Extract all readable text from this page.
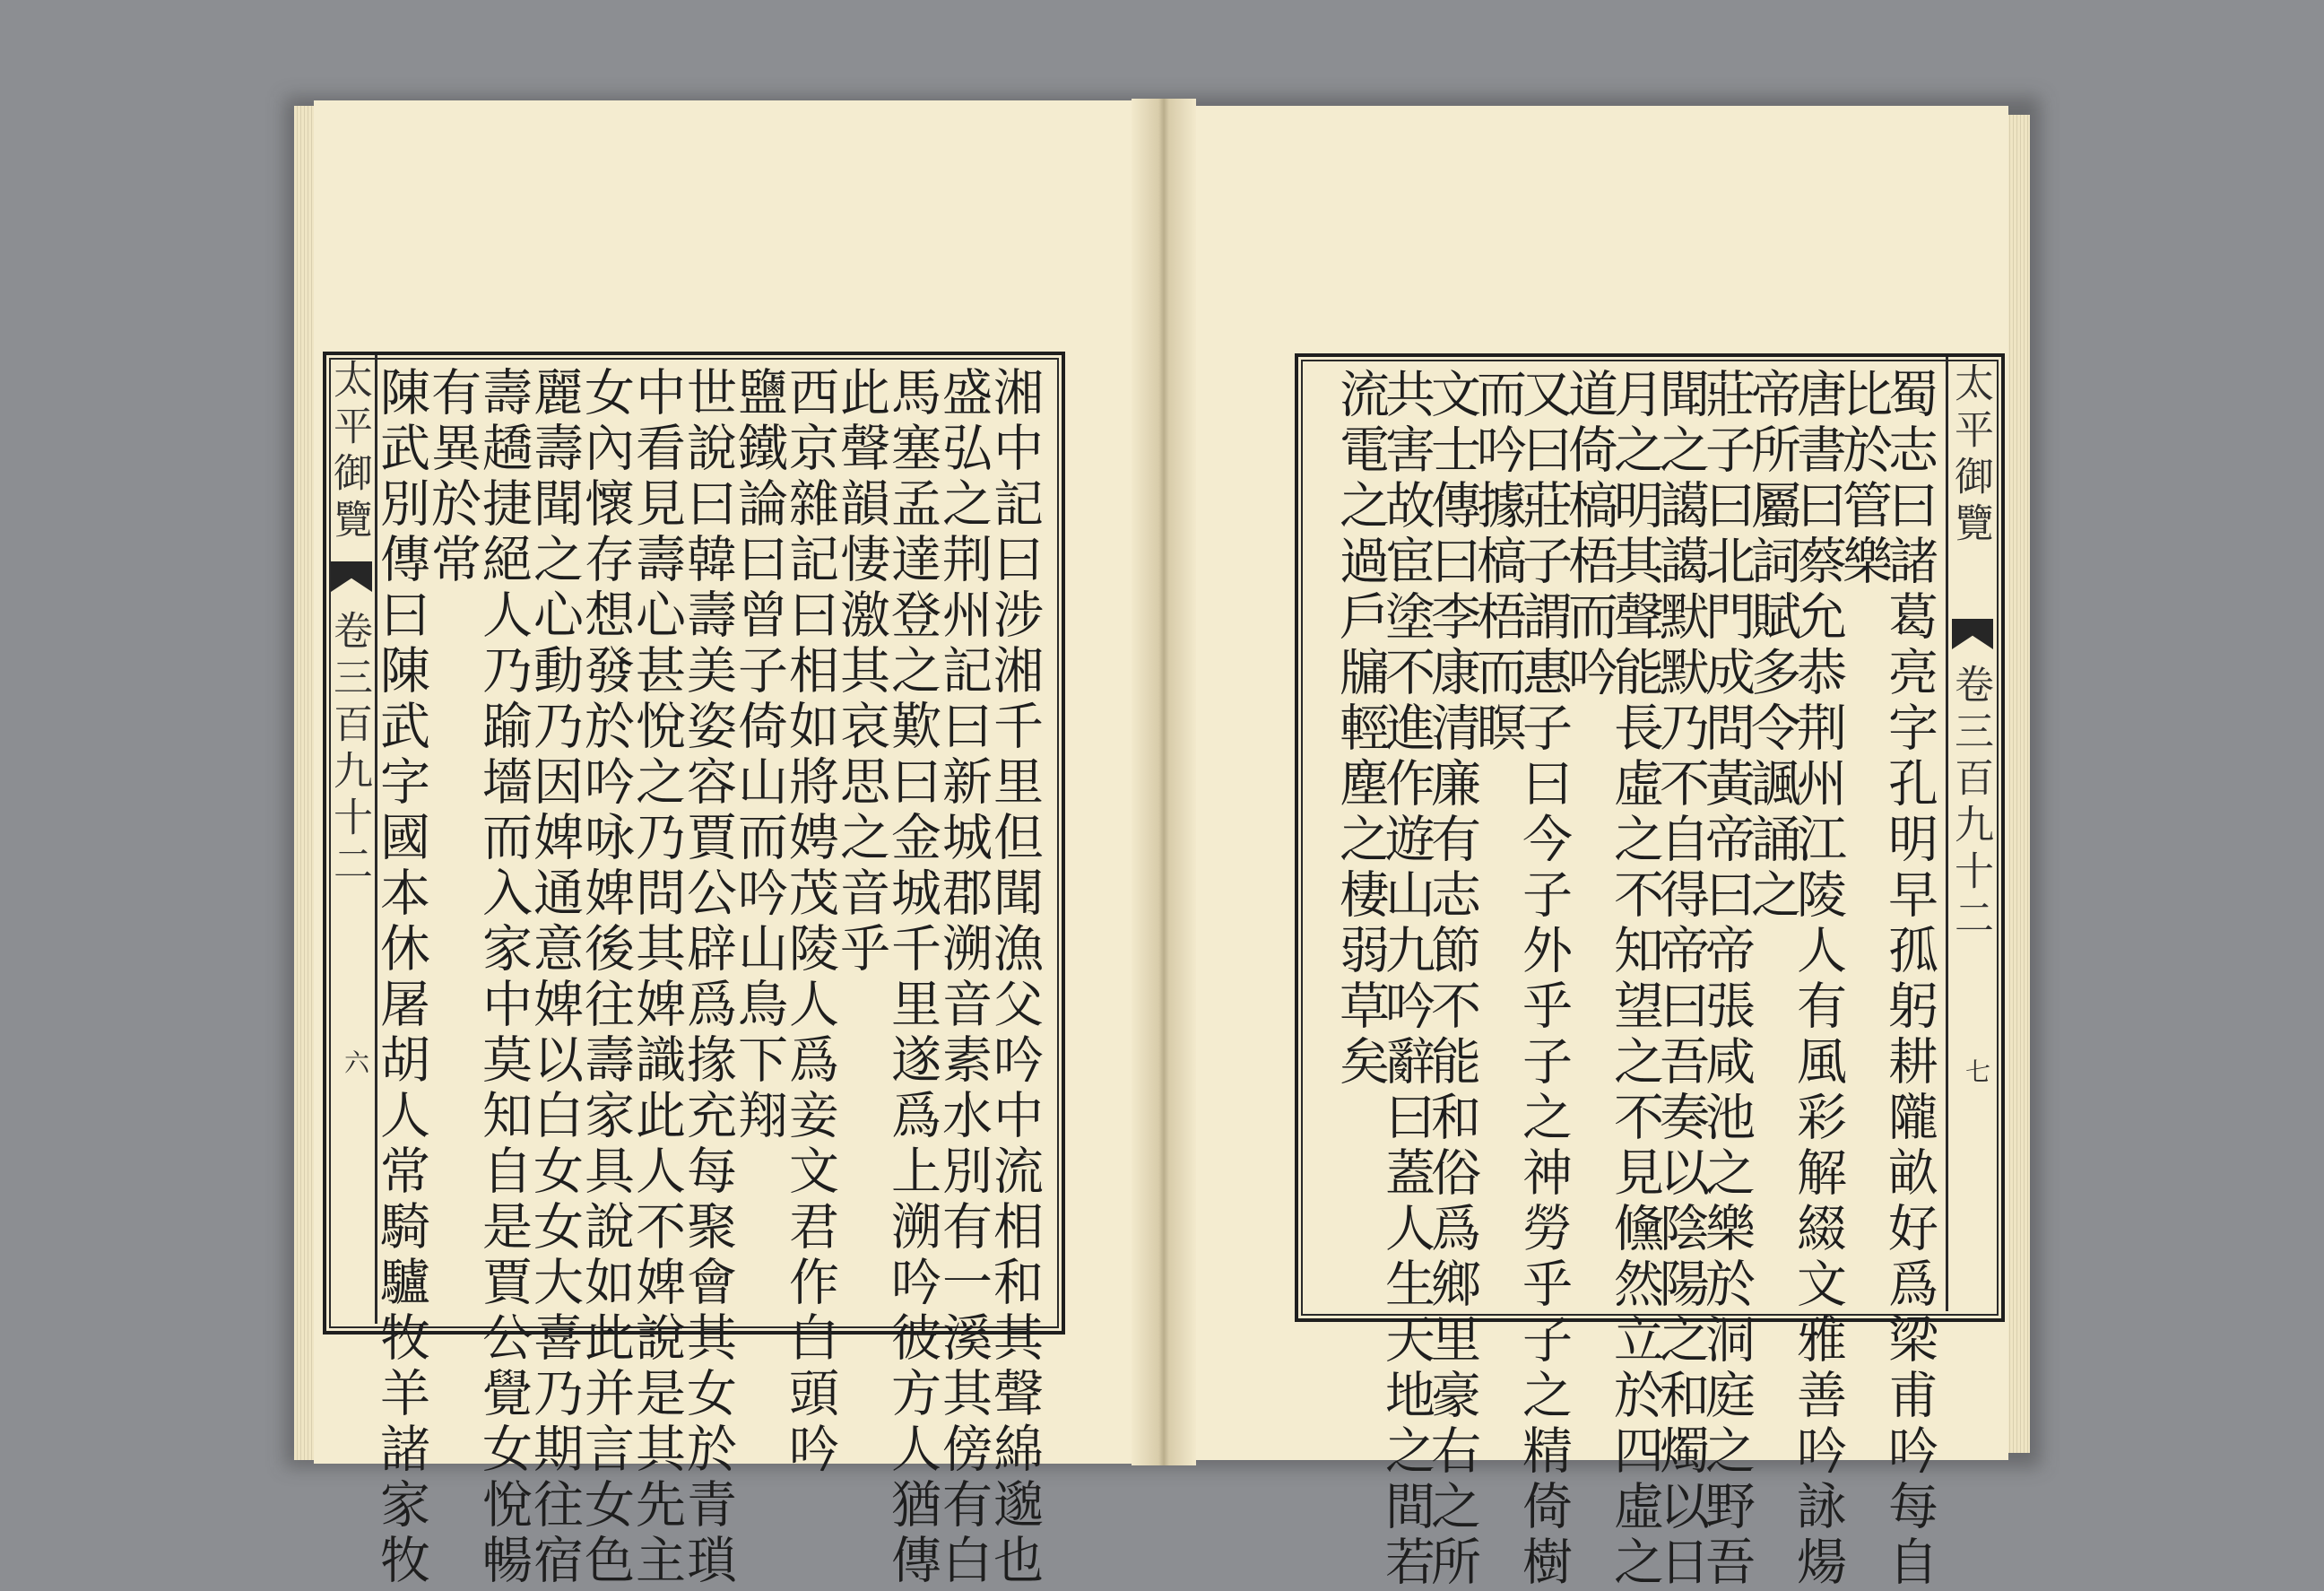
太平御覽
卷三百九十二
六	湘中記曰涉湘千里但聞漁父吟中流相和其聲綿邈也
盛弘之荆州記曰新城郡溯音素水別有一溪其傍有白
馬塞孟達登之歎曰金城千里遂爲上溯吟彼方人猶傳
此聲韻悽激其哀思之音乎
西京雜記曰相如將娉茂陵人爲妾文君作白頭吟
鹽鐵論曰曾子倚山而吟山鳥下翔
世說曰韓壽美姿容賈公辟爲掾充每聚會其女於青瑣
中看見壽心甚悅之乃問其婢識此人不婢說是其先主
女內懷存想發於吟咏婢後往壽家具說如此并言女色
麗壽聞之心動乃因婢通意婢以白女女大喜乃期往宿
壽趫捷絕人乃踰墻而入家中莫知自是賈公覺女悅暢
有異於常
陳武別傳曰陳武字國本休屠胡人常騎驢牧羊諸家牧	太平御覽
卷三百九十二
七
蜀志曰諸葛亮字孔明早孤躬耕隴畝好爲梁甫吟每自
比於管樂
唐書曰蔡允恭荆州江陵人有風彩解綴文雅善吟詠煬
帝所屬詞賦多令諷誦之
莊子曰北門成問黃帝曰帝張咸池之樂於洞庭之野吾
聞之譪譪默默乃不自得帝曰吾奏以陰陽之和燭以日
月之明其聲能長虛之不知望之不見儵然立於四虛之
道倚槁梧而吟
又曰莊子謂惠子曰今子外乎子之神勞乎子之精倚樹
而吟據槁梧而瞑
文士傳曰李康清廉有志節不能和俗爲鄉里豪右之所
共害故宦塗不進作遊山九吟辭曰蓋人生天地之間若
流電之過戶牖輕塵之棲弱草矣
